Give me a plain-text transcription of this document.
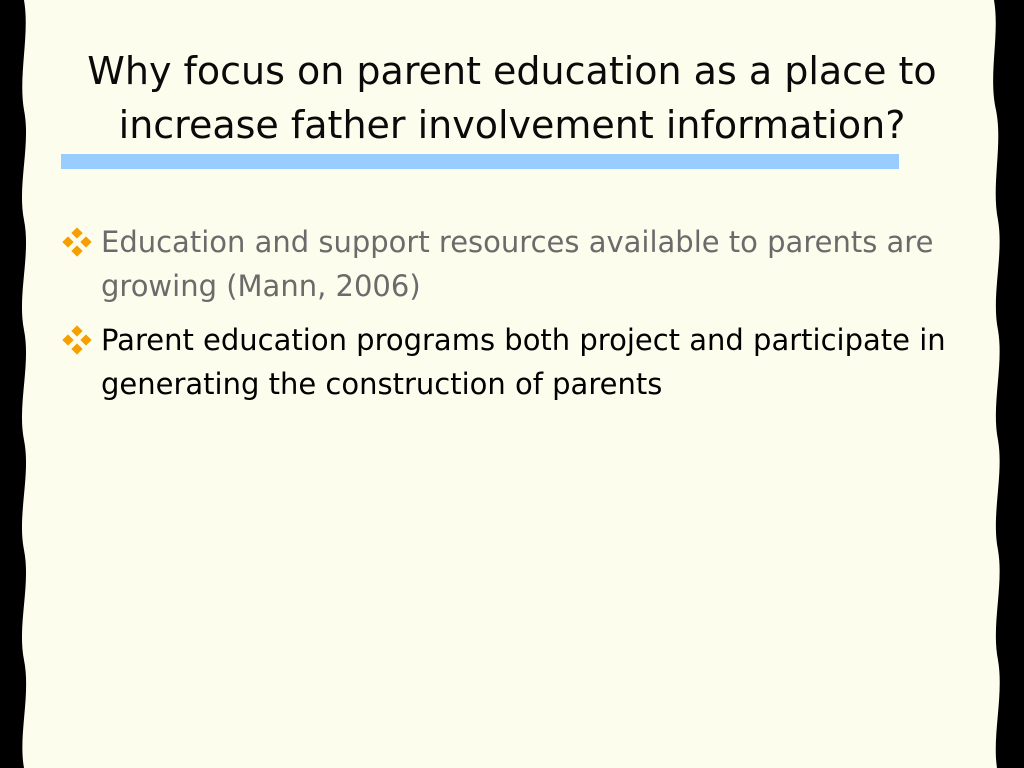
Why focus on parent education as a place to increase father involvement information?
Education and support resources available to parents are growing (Mann, 2006)
Parent education programs both project and participate in generating the construction of parents
